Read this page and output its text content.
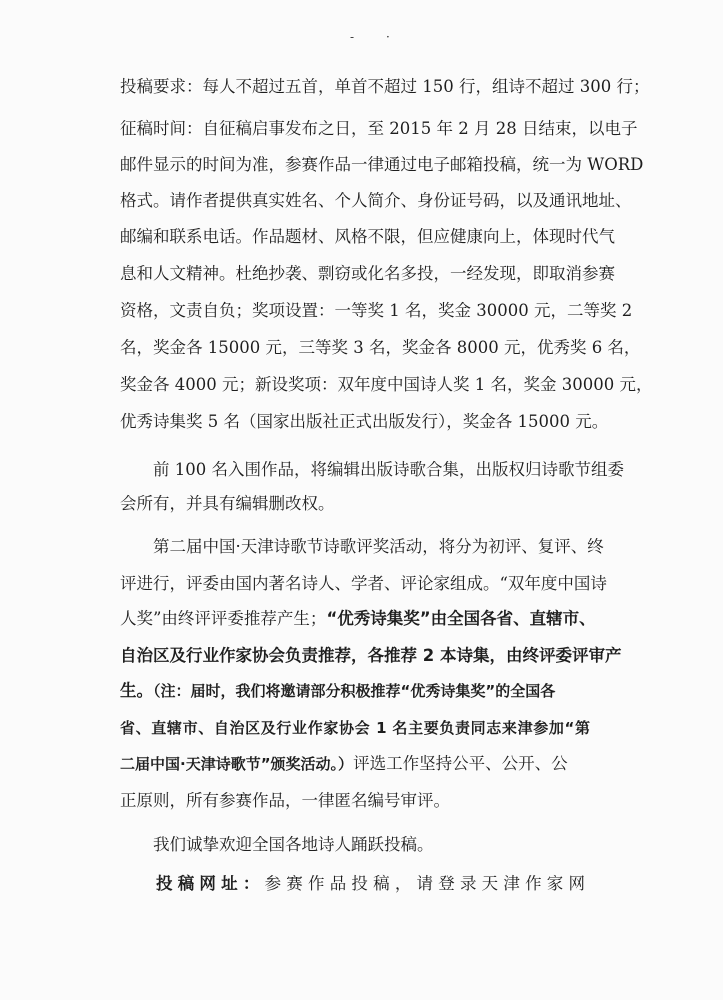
-	·
投稿要求：每人不超过五首，单首不超过 150 行，组诗不超过 300 行；
征稿时间：自征稿启事发布之日，至 2015 年 2 月 28 日结束，以电子
邮件显示的时间为准，参赛作品一律通过电子邮箱投稿，统一为 WORD
格式。请作者提供真实姓名、个人简介、身份证号码，以及通讯地址、
邮编和联系电话。作品题材、风格不限，但应健康向上，体现时代气
息和人文精神。杜绝抄袭、剽窃或化名多投，一经发现，即取消参赛
资格，文责自负；奖项设置：一等奖 1 名，奖金 30000 元，二等奖 2
名，奖金各 15000 元，三等奖 3 名，奖金各 8000 元，优秀奖 6 名，
奖金各 4000 元；新设奖项：双年度中国诗人奖 1 名，奖金 30000 元，
优秀诗集奖 5 名（国家出版社正式出版发行），奖金各 15000 元。
前 100 名入围作品，将编辑出版诗歌合集，出版权归诗歌节组委
会所有，并具有编辑删改权。
第二届中国·天津诗歌节诗歌评奖活动，将分为初评、复评、终
评进行，评委由国内著名诗人、学者、评论家组成。“双年度中国诗
人奖”由终评评委推荐产生；“优秀诗集奖”由全国各省、直辖市、
自治区及行业作家协会负责推荐，各推荐 2 本诗集，由终评委评审产
生。（注：届时，我们将邀请部分积极推荐“优秀诗集奖”的全国各
省、直辖市、自治区及行业作家协会 1 名主要负责同志来津参加“第
二届中国·天津诗歌节”颁奖活动。）评选工作坚持公平、公开、公
正原则，所有参赛作品，一律匿名编号审评。
我们诚挚欢迎全国各地诗人踊跃投稿。
投稿网址：参赛作品投稿，请登录天津作家网
